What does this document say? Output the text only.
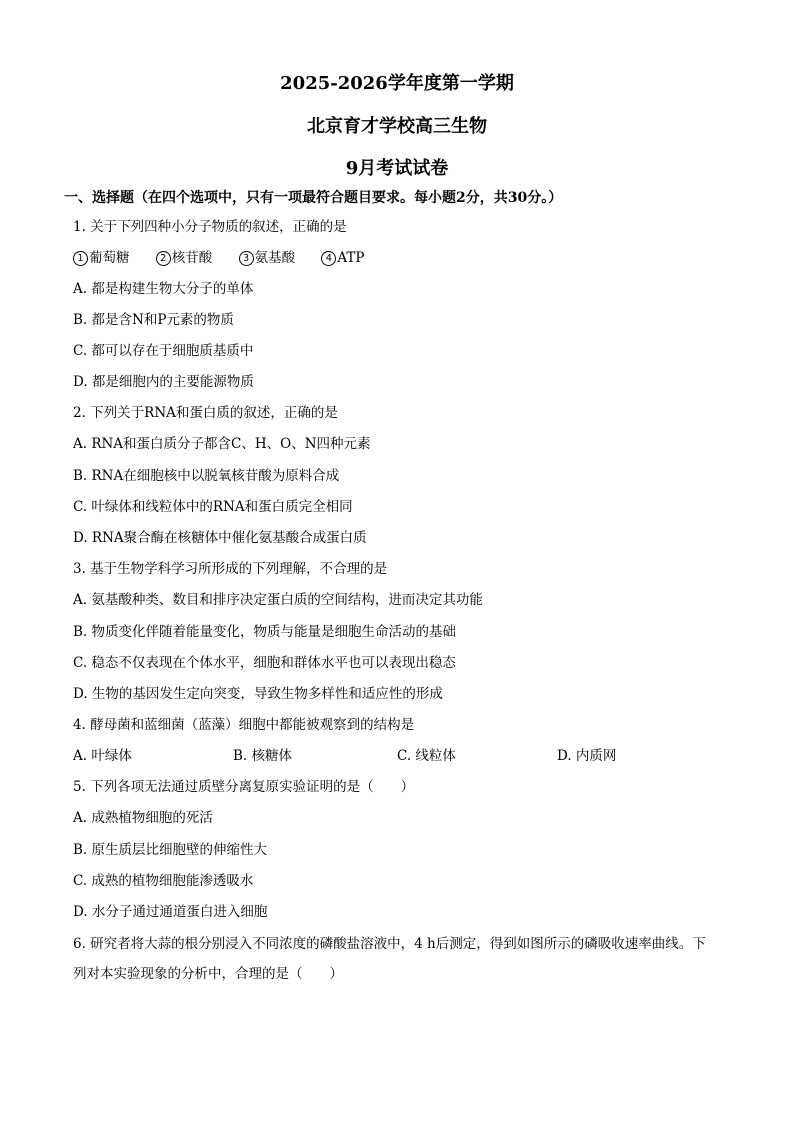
2025-2026学年度第一学期
北京育才学校高三生物
9月考试试卷
一、选择题（在四个选项中，只有一项最符合题目要求。每小题2分，共30分。）
1. 关于下列四种小分子物质的叙述，正确的是
1 葡萄糖	2 核苷酸	3 氨基酸	4 ATP
A. 都是构建生物大分子的单体
B. 都是含N和P元素的物质
C. 都可以存在于细胞质基质中
D. 都是细胞内的主要能源物质
2. 下列关于RNA和蛋白质的叙述，正确的是
A. RNA和蛋白质分子都含C、H、O、N四种元素
B. RNA在细胞核中以脱氧核苷酸为原料合成
C. 叶绿体和线粒体中的RNA和蛋白质完全相同
D. RNA聚合酶在核糖体中催化氨基酸合成蛋白质
3. 基于生物学科学习所形成的下列理解，不合理的是
A. 氨基酸种类、数目和排序决定蛋白质的空间结构，进而决定其功能
B. 物质变化伴随着能量变化，物质与能量是细胞生命活动的基础
C. 稳态不仅表现在个体水平，细胞和群体水平也可以表现出稳态
D. 生物的基因发生定向突变，导致生物多样性和适应性的形成
4. 酵母菌和蓝细菌（蓝藻）细胞中都能被观察到的结构是
A. 叶绿体	B. 核糖体	C. 线粒体	D. 内质网
5. 下列各项无法通过质壁分离复原实验证明的是（　　）
A. 成熟植物细胞的死活
B. 原生质层比细胞壁的伸缩性大
C. 成熟的植物细胞能渗透吸水
D. 水分子通过通道蛋白进入细胞
6. 研究者将大蒜的根分别浸入不同浓度的磷酸盐溶液中，4 h后测定，得到如图所示的磷吸收速率曲线。下
列对本实验现象的分析中，合理的是（　　）
